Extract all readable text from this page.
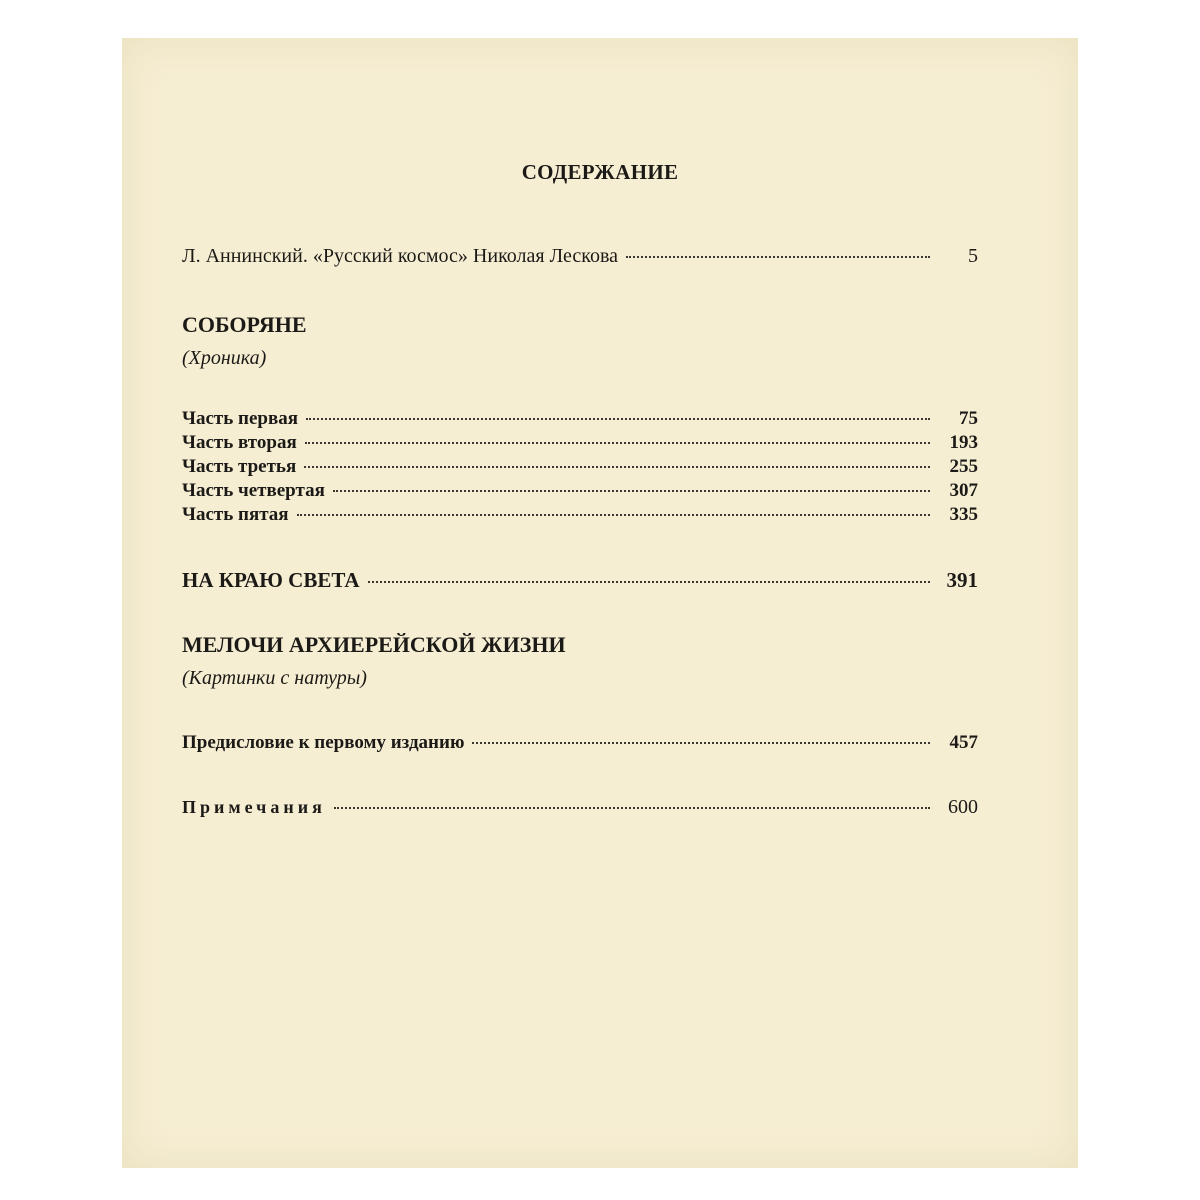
СОДЕРЖАНИЕ
Л. Аннинский. «Русский космос» Николая Лескова	5
СОБОРЯНЕ
(Хроника)
Часть первая	75
Часть вторая	193
Часть третья	255
Часть четвертая	307
Часть пятая	335
НА КРАЮ СВЕТА	391
МЕЛОЧИ АРХИЕРЕЙСКОЙ ЖИЗНИ
(Картинки с натуры)
Предисловие к первому изданию	457
Примечания	600
